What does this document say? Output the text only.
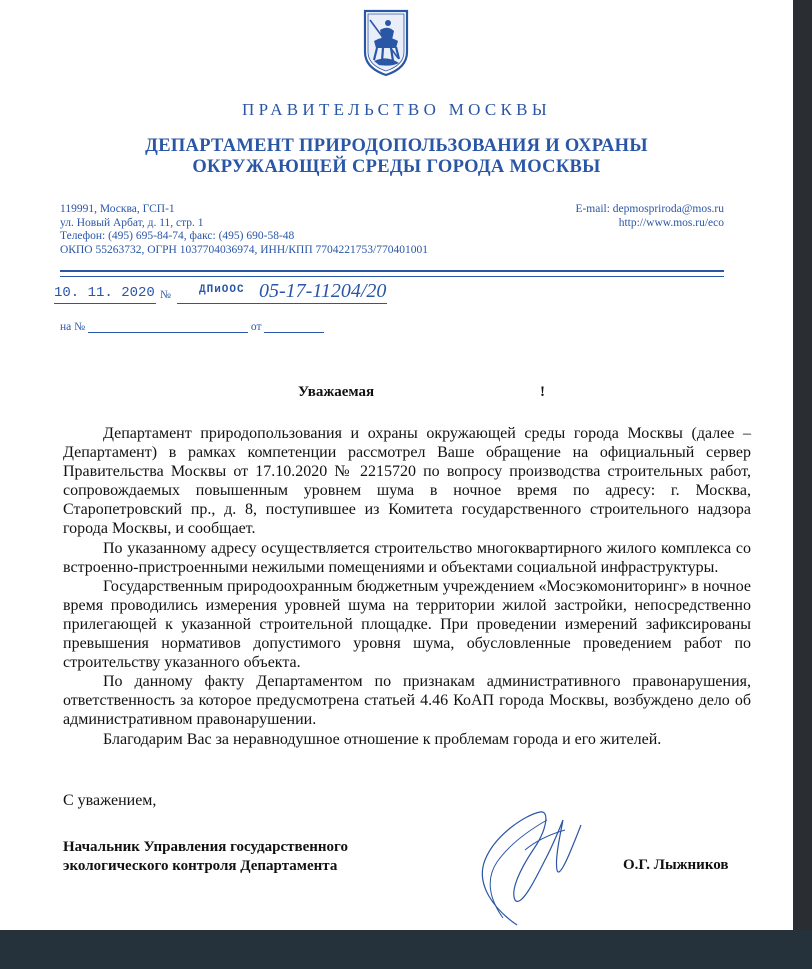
ПРАВИТЕЛЬСТВО МОСКВЫ
ДЕПАРТАМЕНТ ПРИРОДОПОЛЬЗОВАНИЯ И ОХРАНЫ
ОКРУЖАЮЩЕЙ СРЕДЫ ГОРОДА МОСКВЫ
119991, Москва, ГСП-1
ул. Новый Арбат, д. 11, стр. 1
Телефон: (495) 695-84-74, факс: (495) 690-58-48
ОКПО 55263732, ОГРН 1037704036974, ИНН/КПП 7704221753/770401001
E-mail: depmospriroda@mos.ru
http://www.mos.ru/eco
10. 11. 2020 №	ДПиООС 05-17-11204/20
на №	от
Уважаемая	!

Департамент природопользования и охраны окружающей среды города Москвы (далее – Департамент) в рамках компетенции рассмотрел Ваше обращение на официальный сервер Правительства Москвы от 17.10.2020 № 2215720 по вопросу производства строительных работ, сопровождаемых повышенным уровнем шума в ночное время по адресу: г. Москва, Старопетровский пр., д. 8, поступившее из Комитета государственного строительного надзора города Москвы, и сообщает.

По указанному адресу осуществляется строительство многоквартирного жилого комплекса со встроенно-пристроенными нежилыми помещениями и объектами социальной инфраструктуры.

Государственным природоохранным бюджетным учреждением «Мосэкомониторинг» в ночное время проводились измерения уровней шума на территории жилой застройки, непосредственно прилегающей к указанной строительной площадке. При проведении измерений зафиксированы превышения нормативов допустимого уровня шума, обусловленные проведением работ по строительству указанного объекта.

По данному факту Департаментом по признакам административного правонарушения, ответственность за которое предусмотрена статьей 4.46 КоАП города Москвы, возбуждено дело об административном правонарушении.

Благодарим Вас за неравнодушное отношение к проблемам города и его жителей.

С уважением,
Начальник Управления государственного
экологического контроля Департамента	О.Г. Лыжников
